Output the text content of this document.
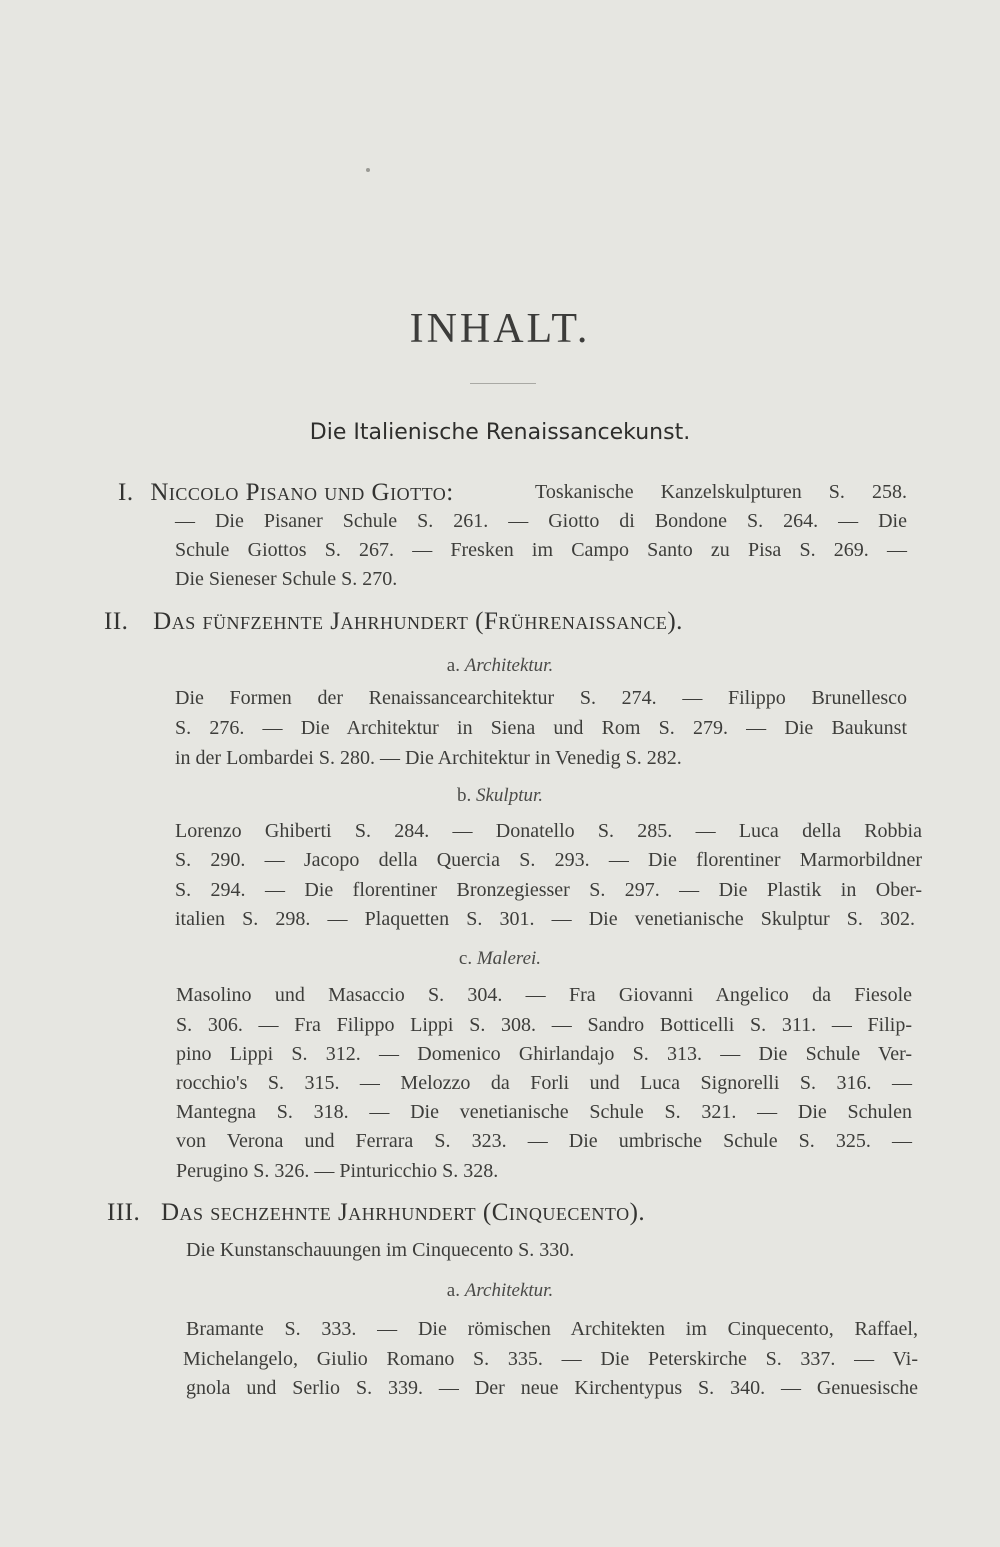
INHALT.
Die Italienische Renaissancekunst.
I. Niccolo Pisano und Giotto:	Toskanische Kanzelskulpturen S. 258.
— Die Pisaner Schule S. 261. — Giotto di Bondone S. 264. — Die
Schule Giottos S. 267. — Fresken im Campo Santo zu Pisa S. 269. —
Die Sieneser Schule S. 270.
II. Das fünfzehnte Jahrhundert (Frührenaissance).
a. Architektur.
Die Formen der Renaissancearchitektur S. 274. — Filippo Brunellesco
S. 276. — Die Architektur in Siena und Rom S. 279. — Die Baukunst
in der Lombardei S. 280. — Die Architektur in Venedig S. 282.
b. Skulptur.
Lorenzo Ghiberti S. 284. — Donatello S. 285. — Luca della Robbia
S. 290. — Jacopo della Quercia S. 293. — Die florentiner Marmorbildner
S. 294. — Die florentiner Bronzegiesser S. 297. — Die Plastik in Ober-
italien S. 298. — Plaquetten S. 301. — Die venetianische Skulptur S. 302.
c. Malerei.
Masolino und Masaccio S. 304. — Fra Giovanni Angelico da Fiesole
S. 306. — Fra Filippo Lippi S. 308. — Sandro Botticelli S. 311. — Filip-
pino Lippi S. 312. — Domenico Ghirlandajo S. 313. — Die Schule Ver-
rocchio's S. 315. — Melozzo da Forli und Luca Signorelli S. 316. —
Mantegna S. 318. — Die venetianische Schule S. 321. — Die Schulen
von Verona und Ferrara S. 323. — Die umbrische Schule S. 325. —
Perugino S. 326. — Pinturicchio S. 328.
III. Das sechzehnte Jahrhundert (Cinquecento).
Die Kunstanschauungen im Cinquecento S. 330.
a. Architektur.
Bramante S. 333. — Die römischen Architekten im Cinquecento, Raffael,
Michelangelo, Giulio Romano S. 335. — Die Peterskirche S. 337. — Vi-
gnola und Serlio S. 339. — Der neue Kirchentypus S. 340. — Genuesische
